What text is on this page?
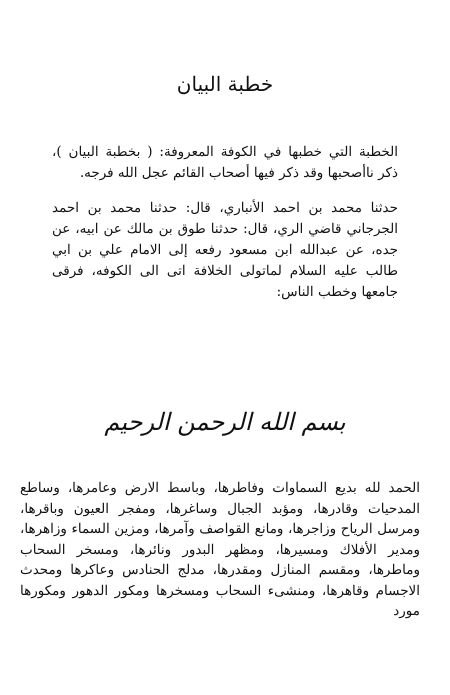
خطبة البيان

الخطبة التي خطبها في الكوفة المعروفة: ( بخطبة البيان )، ذكر ناأصحبها وقد ذكر فيها أصحاب القائم عجل الله فرجه.

حدثنا محمد بن احمد الأنباري، قال: حدثنا محمد بن احمد الجرجاني قاضي الري، قال: حدثنا طوق بن مالك عن ابيه، عن جده، عن عبدالله ابن مسعود رفعه إلى الامام علي بن ابي طالب عليه السلام لماتولى الخلافة اتى الى الكوفه، فرقى جامعها وخطب الناس:

بسم الله الرحمن الرحيم

الحمد لله بديع السماوات وفاطرها، وباسط الارض وعامرها، وساطع المدحيات وقادرها، ومؤبد الجبال وساغرها، ومفجر العيون وباقرها، ومرسل الرياح وزاجرها، ومانع القواصف وآمرها، ومزين السماء وزاهرها، ومدير الأفلاك ومسيرها، ومظهر البدور ونائرها، ومسخر السحاب وماطرها، ومقسم المنازل ومقدرها، مدلج الحنادس وعاكرها ومحدث الاجسام وقاهرها، ومنشىء السحاب ومسخرها ومكور الدهور ومكورها مورد
